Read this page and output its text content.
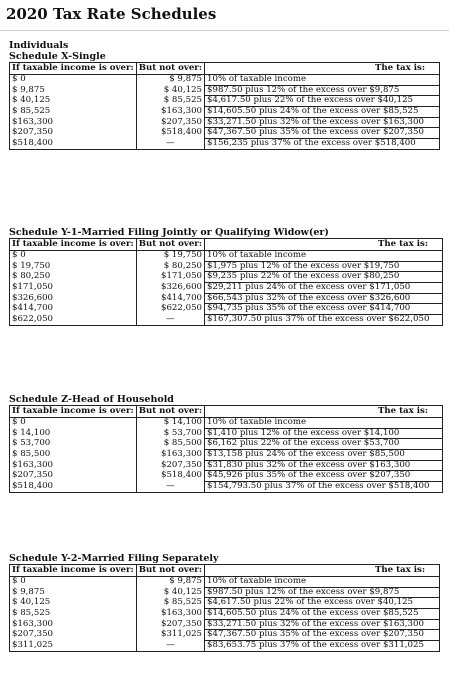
2020 Tax Rate Schedules
Individuals
Schedule X-Single
If taxable income is over:	But not over:	The tax is:
$ 0	$ 9,875	10% of taxable income
$ 9,875	$ 40,125	$987.50 plus 12% of the excess over $9,875
$ 40,125	$ 85,525	$4,617.50 plus 22% of the excess over $40,125
$ 85,525	$163,300	$14,605.50 plus 24% of the excess over $85,525
$163,300	$207,350	$33,271.50 plus 32% of the excess over $163,300
$207,350	$518,400	$47,367.50 plus 35% of the excess over $207,350
$518,400	—	$156,235 plus 37% of the excess over $518,400
Schedule Y-1-Married Filing Jointly or Qualifying Widow(er)
If taxable income is over:	But not over:	The tax is:
$ 0	$ 19,750	10% of taxable income
$ 19,750	$ 80,250	$1,975 plus 12% of the excess over $19,750
$ 80,250	$171,050	$9,235 plus 22% of the excess over $80,250
$171,050	$326,600	$29,211 plus 24% of the excess over $171,050
$326,600	$414,700	$66,543 plus 32% of the excess over $326,600
$414,700	$622,050	$94,735 plus 35% of the excess over $414,700
$622,050	—	$167,307.50 plus 37% of the excess over $622,050
Schedule Z-Head of Household
If taxable income is over:	But not over:	The tax is:
$ 0	$ 14,100	10% of taxable income
$ 14,100	$ 53,700	$1,410 plus 12% of the excess over $14,100
$ 53,700	$ 85,500	$6,162 plus 22% of the excess over $53,700
$ 85,500	$163,300	$13,158 plus 24% of the excess over $85,500
$163,300	$207,350	$31,830 plus 32% of the excess over $163,300
$207,350	$518,400	$45,926 plus 35% of the excess over $207,350
$518,400	—	$154,793.50 plus 37% of the excess over $518,400
Schedule Y-2-Married Filing Separately
If taxable income is over:	But not over:	The tax is:
$ 0	$ 9,875	10% of taxable income
$ 9,875	$ 40,125	$987.50 plus 12% of the excess over $9,875
$ 40,125	$ 85,525	$4,617.50 plus 22% of the excess over $40,125
$ 85,525	$163,300	$14,605.50 plus 24% of the excess over $85,525
$163,300	$207,350	$33,271.50 plus 32% of the excess over $163,300
$207,350	$311,025	$47,367.50 plus 35% of the excess over $207,350
$311,025	—	$83,653.75 plus 37% of the excess over $311,025
